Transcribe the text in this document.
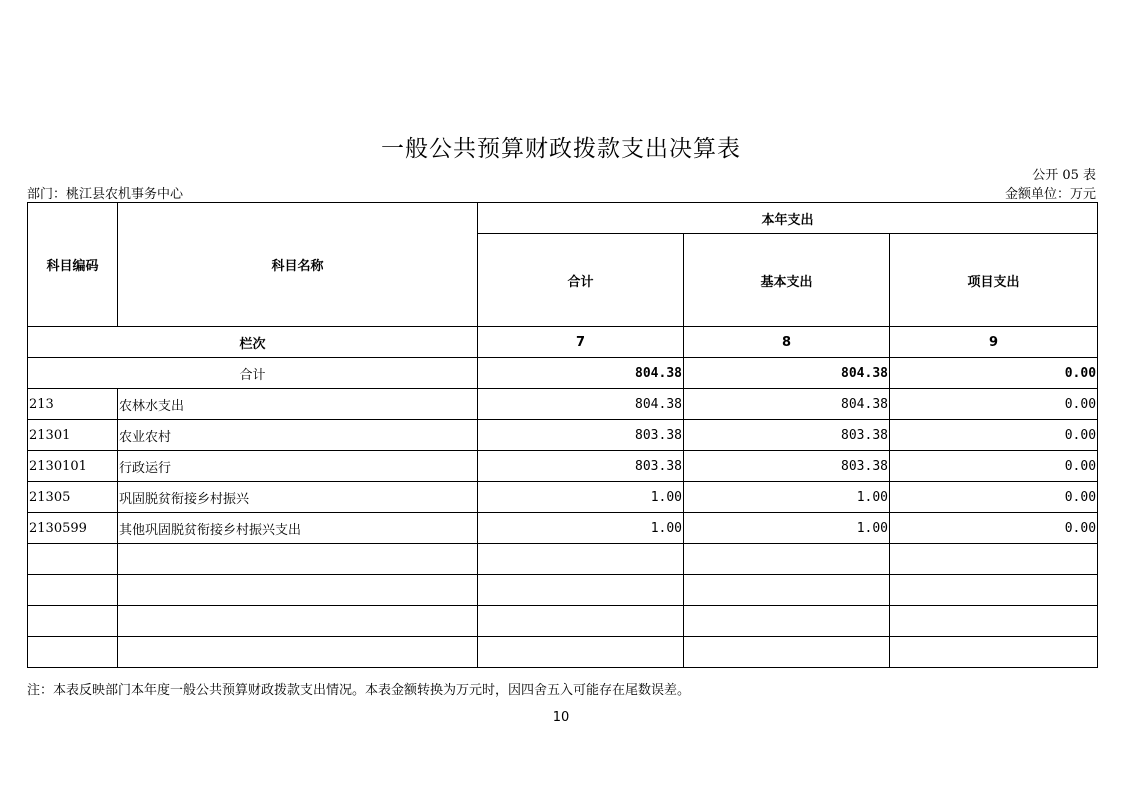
一般公共预算财政拨款支出决算表
公开 05 表
部门：桃江县农机事务中心	金额单位：万元
科目编码	科目名称	本年支出		
		合计	基本支出	项目支出
栏次		7	8	9
合计		804.38	804.38	0.00
213	农林水支出	804.38	804.38	0.00
21301	农业农村	803.38	803.38	0.00
2130101	行政运行	803.38	803.38	0.00
21305	巩固脱贫衔接乡村振兴	1.00	1.00	0.00
2130599	其他巩固脱贫衔接乡村振兴支出	1.00	1.00	0.00

注：本表反映部门本年度一般公共预算财政拨款支出情况。本表金额转换为万元时，因四舍五入可能存在尾数误差。
10
